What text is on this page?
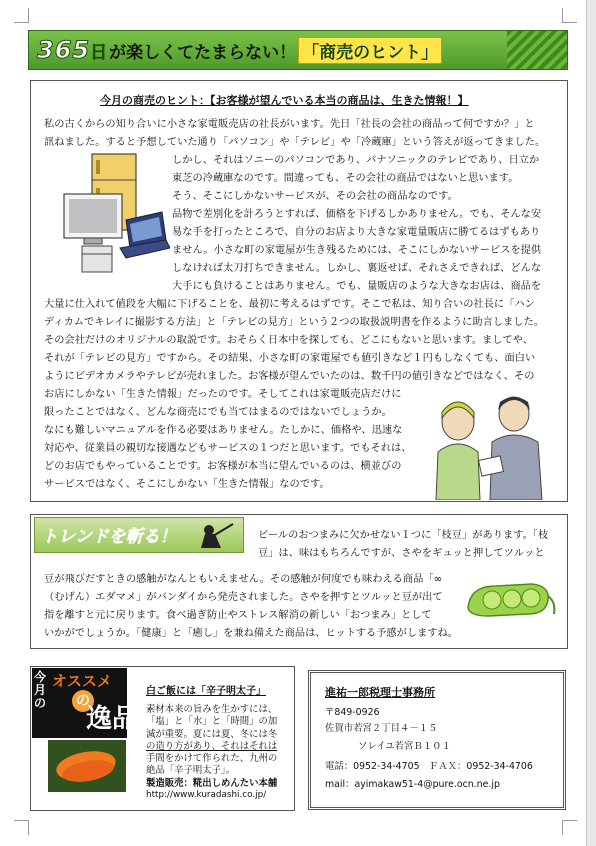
365 日 が楽しくてたまらない！ 「商売のヒント」
今月の商売のヒント：【お客様が望んでいる本当の商品は、生きた情報！】
私の古くからの知り合いに小さな家電販売店の社長がいます。先日「社長の会社の商品って何ですか？」と
訊ねました。すると予想していた通り「パソコン」や「テレビ」や「冷蔵庫」という答えが返ってきました。
しかし、それはソニーのパソコンであり、パナソニックのテレビであり、日立か
東芝の冷蔵庫なのです。間違っても、その会社の商品ではないと思います。
そう、そこにしかないサービスが、その会社の商品なのです。
品物で差別化を計ろうとすれば、価格を下げるしかありません。でも、そんな安
易な手を打ったところで、自分のお店より大きな家電量販店に勝てるはずもあり
ません。小さな町の家電屋が生き残るためには、そこにしかないサービスを提供
しなければ太刀打ちできません。しかし、裏返せば、それさえできれば、どんな
大手にも負けることはありません。でも、量販店のような大きなお店は、商品を
大量に仕入れて値段を大幅に下げることを、最初に考えるはずです。そこで私は、知り合いの社長に「ハン
ディカムでキレイに撮影する方法」と「テレビの見方」という２つの取扱説明書を作るように助言しました。
その会社だけのオリジナルの取説です。おそらく日本中を探しても、どこにもないと思います。ましてや、
それが「テレビの見方」ですから。その結果、小さな町の家電屋でも値引きなど１円もしなくても、面白い
ようにビデオカメラやテレビが売れました。お客様が望んでいたのは、数千円の値引きなどではなく、その
お店にしかない「生きた情報」だったのです。そしてこれは家電販売店だけに
限ったことではなく、どんな商売にでも当てはまるのではないでしょうか。
なにも難しいマニュアルを作る必要はありません。たしかに、価格や、迅速な
対応や、従業員の親切な接遇などもサービスの１つだと思います。でもそれは、
どのお店でもやっていることです。お客様が本当に望んでいるのは、横並びの
サービスではなく、そこにしかない「生きた情報」なのです。
トレンドを斬る！	ビールのおつまみに欠かせない１つに「枝豆」があります。「枝
豆」は、味はもちろんですが、さやをギュッと押してツルッと
豆が飛びだすときの感触がなんともいえません。その感触が何度でも味わえる商品「∞
（むげん）エダマメ」がバンダイから発売されました。さやを押すとツルッと豆が出て
指を離すと元に戻ります。食べ過ぎ防止やストレス解消の新しい「おつまみ」として
いかがでしょうか。「健康」と「癒し」を兼ね備えた商品は、ヒットする予感がしますね。
今月の
オススメ
の
逸品
白ご飯には「辛子明太子」
素材本来の旨みを生かすには、
「塩」と「水」と「時間」の加
減が重要。夏には夏、冬には冬
の造り方があり、それはそれは
手間をかけて作られた、九州の
絶品「辛子明太子」。
製造販売：糀出しめんたい本舗
http://www.kuradashi.co.jp/
進祐一郎税理士事務所
〒849-0926
佐賀市若宮２丁目４－１５
ソレイユ若宮Ｂ１０１
電話：0952-34-4705　ＦＡＸ：0952-34-4706
mail：ayimakaw51-4@pure.ocn.ne.jp
